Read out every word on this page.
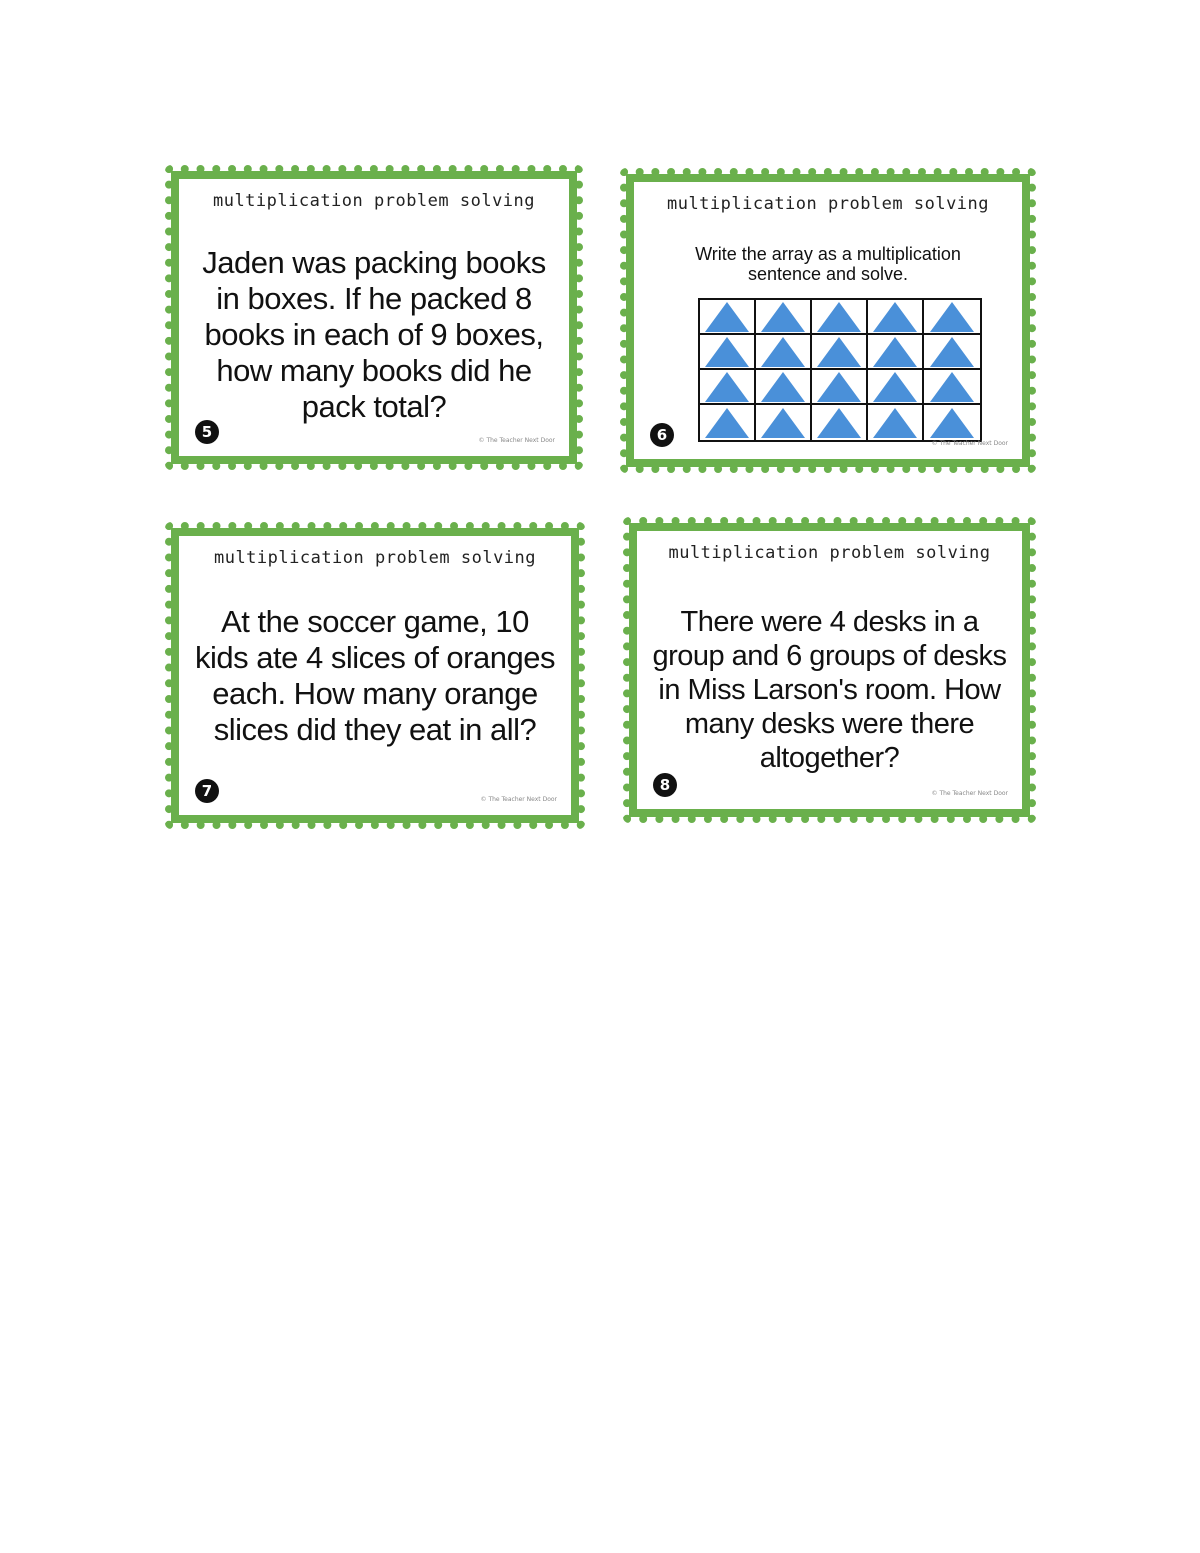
multiplication problem solving
Jaden was packing books in boxes. If he packed 8 books in each of 9 boxes, how many books did he pack total?
5	© The Teacher Next Door
multiplication problem solving
Write the array as a multiplication sentence and solve.
6	© The Teacher Next Door
multiplication problem solving
At the soccer game, 10 kids ate 4 slices of oranges each. How many orange slices did they eat in all?
7	© The Teacher Next Door
multiplication problem solving
There were 4 desks in a group and 6 groups of desks in Miss Larson's room. How many desks were there altogether?
8	© The Teacher Next Door
